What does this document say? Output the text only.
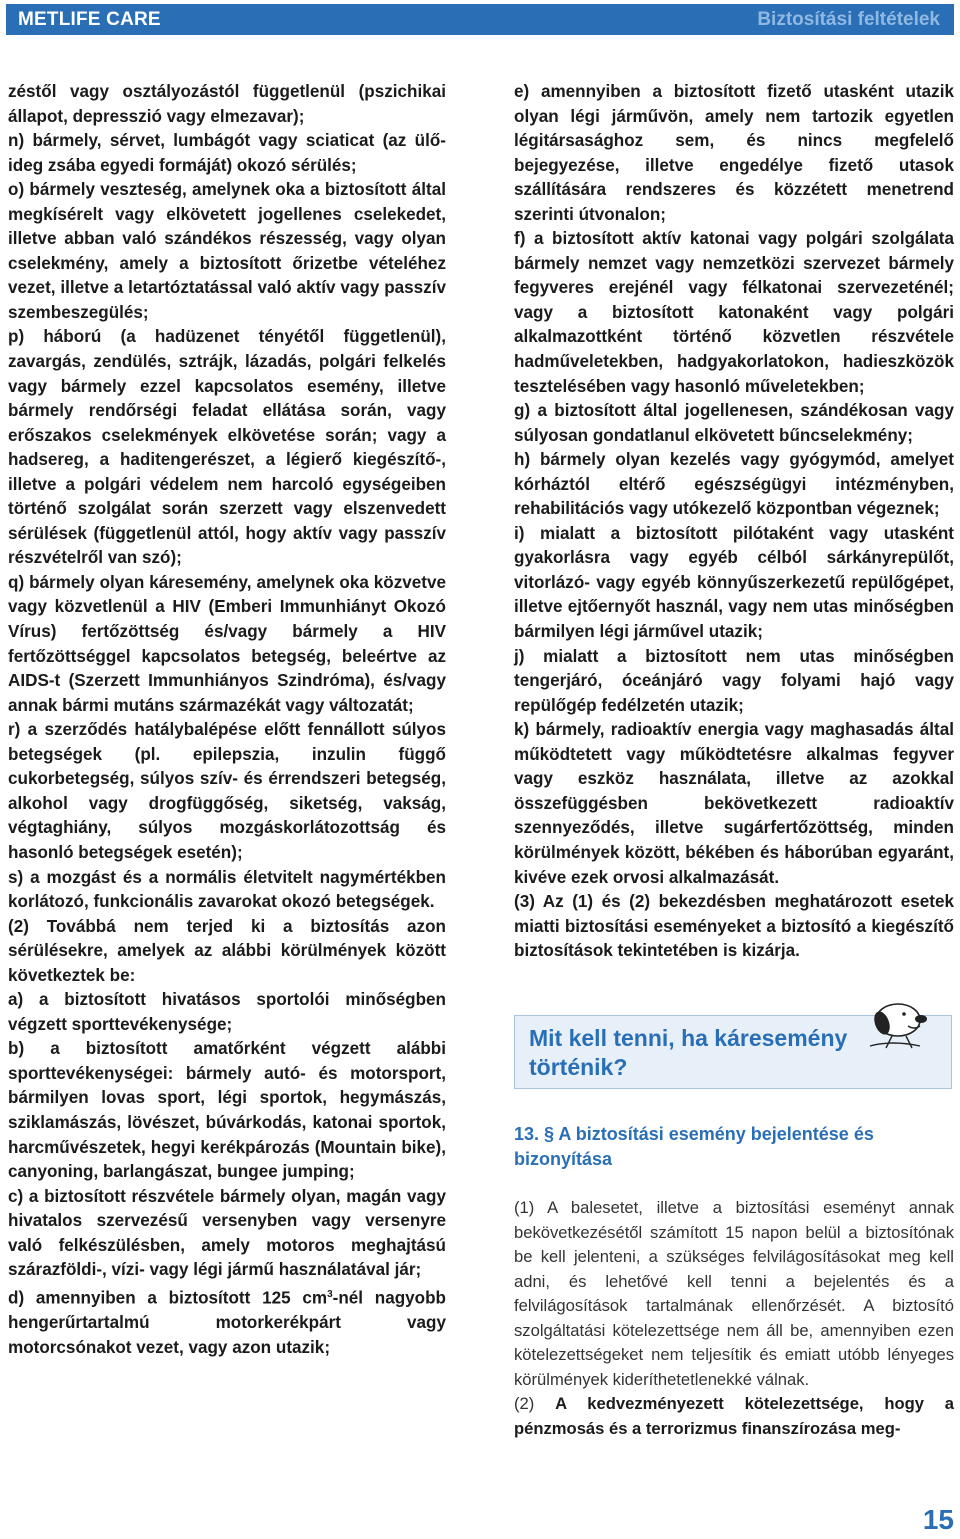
METLIFE CARE	Biztosítási feltételek

zéstől vagy osztályozástól függetlenül (pszichikai állapot, depresszió vagy elmezavar);

n) bármely, sérvet, lumbágót vagy sciaticat (az ülő-ideg zsába egyedi formáját) okozó sérülés;

o) bármely veszteség, amelynek oka a biztosított által megkísérelt vagy elkövetett jogellenes cselekedet, illetve abban való szándékos részesség, vagy olyan cselekmény, amely a biztosított őrizetbe vételéhez vezet, illetve a letartóztatással való aktív vagy passzív szembeszegülés;

p) háború (a hadüzenet tényétől függetlenül), zavargás, zendülés, sztrájk, lázadás, polgári felkelés vagy bármely ezzel kapcsolatos esemény, illetve bármely rendőrségi feladat ellátása során, vagy erőszakos cselekmények elkövetése során; vagy a hadsereg, a haditengerészet, a légierő kiegészítő-, illetve a polgári védelem nem harcoló egységeiben történő szolgálat során szerzett vagy elszenvedett sérülések (függetlenül attól, hogy aktív vagy passzív részvételről van szó);

q) bármely olyan káresemény, amelynek oka közvetve vagy közvetlenül a HIV (Emberi Immunhiányt Okozó Vírus) fertőzöttség és/vagy bármely a HIV fertőzöttséggel kapcsolatos betegség, beleértve az AIDS-t (Szerzett Immunhiányos Szindróma), és/vagy annak bármi mutáns származékát vagy változatát;

r) a szerződés hatálybalépése előtt fennállott súlyos betegségek (pl. epilepszia, inzulin függő cukorbetegség, súlyos szív- és érrendszeri betegség, alkohol vagy drogfüggőség, siketség, vakság, végtaghiány, súlyos mozgáskorlátozottság és hasonló betegségek esetén);

s) a mozgást és a normális életvitelt nagymértékben korlátozó, funkcionális zavarokat okozó betegségek.

(2) Továbbá nem terjed ki a biztosítás azon sérülésekre, amelyek az alábbi körülmények között következtek be:

a) a biztosított hivatásos sportolói minőségben végzett sporttevékenysége;

b) a biztosított amatőrként végzett alábbi sporttevékenységei: bármely autó- és motorsport, bármilyen lovas sport, légi sportok, hegymászás, sziklamászás, lövészet, búvárkodás, katonai sportok, harcművészetek, hegyi kerékpározás (Mountain bike), canyoning, barlangászat, bungee jumping;

c) a biztosított részvétele bármely olyan, magán vagy hivatalos szervezésű versenyben vagy versenyre való felkészülésben, amely motoros meghajtású szárazföldi-, vízi- vagy légi jármű használatával jár;

d) amennyiben a biztosított 125 $cm^3$-nél nagyobb hengerűrtartalmú motorkerékpárt vagy motorcsónakot vezet, vagy azon utazik;

e) amennyiben a biztosított fizető utasként utazik olyan légi járművön, amely nem tartozik egyetlen légitársasághoz sem, és nincs megfelelő bejegyezése, illetve engedélye fizető utasok szállítására rendszeres és közzétett menetrend szerinti útvonalon;

f) a biztosított aktív katonai vagy polgári szolgálata bármely nemzet vagy nemzetközi szervezet bármely fegyveres erejénél vagy félkatonai szervezeténél; vagy a biztosított katonaként vagy polgári alkalmazottként történő közvetlen részvétele hadműveletekben, hadgyakorlatokon, hadieszközök tesztelésében vagy hasonló műveletekben;

g) a biztosított által jogellenesen, szándékosan vagy súlyosan gondatlanul elkövetett bűncselekmény;

h) bármely olyan kezelés vagy gyógymód, amelyet kórháztól eltérő egészségügyi intézményben, rehabilitációs vagy utókezelő központban végeznek;

i) mialatt a biztosított pilótaként vagy utasként gyakorlásra vagy egyéb célból sárkányrepülőt, vitorlázó- vagy egyéb könnyűszerkezetű repülőgépet, illetve ejtőernyőt használ, vagy nem utas minőségben bármilyen légi járművel utazik;

j) mialatt a biztosított nem utas minőségben tengerjáró, óceánjáró vagy folyami hajó vagy repülőgép fedélzetén utazik;

k) bármely, radioaktív energia vagy maghasadás által működtetett vagy működtetésre alkalmas fegyver vagy eszköz használata, illetve az azokkal összefüggésben bekövetkezett radioaktív szennyeződés, illetve sugárfertőzöttség, minden körülmények között, békében és háborúban egyaránt, kivéve ezek orvosi alkalmazását.

(3) Az (1) és (2) bekezdésben meghatározott esetek miatti biztosítási eseményeket a biztosító a kiegészítő biztosítások tekintetében is kizárja.

Mit kell tenni, ha káresemény történik?
13. § A biztosítási esemény bejelentése és bizonyítása

(1) A balesetet, illetve a biztosítási eseményt annak bekövetkezésétől számított 15 napon belül a biztosítónak be kell jelenteni, a szükséges felvilágosításokat meg kell adni, és lehetővé kell tenni a bejelentés és a felvilágosítások tartalmának ellenőrzését. A biztosító szolgáltatási kötelezettsége nem áll be, amennyiben ezen kötelezettségeket nem teljesítik és emiatt utóbb lényeges körülmények kideríthetetlenekké válnak.

(2) A kedvezményezett kötelezettsége, hogy a pénzmosás és a terrorizmus finanszírozása meg-

15
